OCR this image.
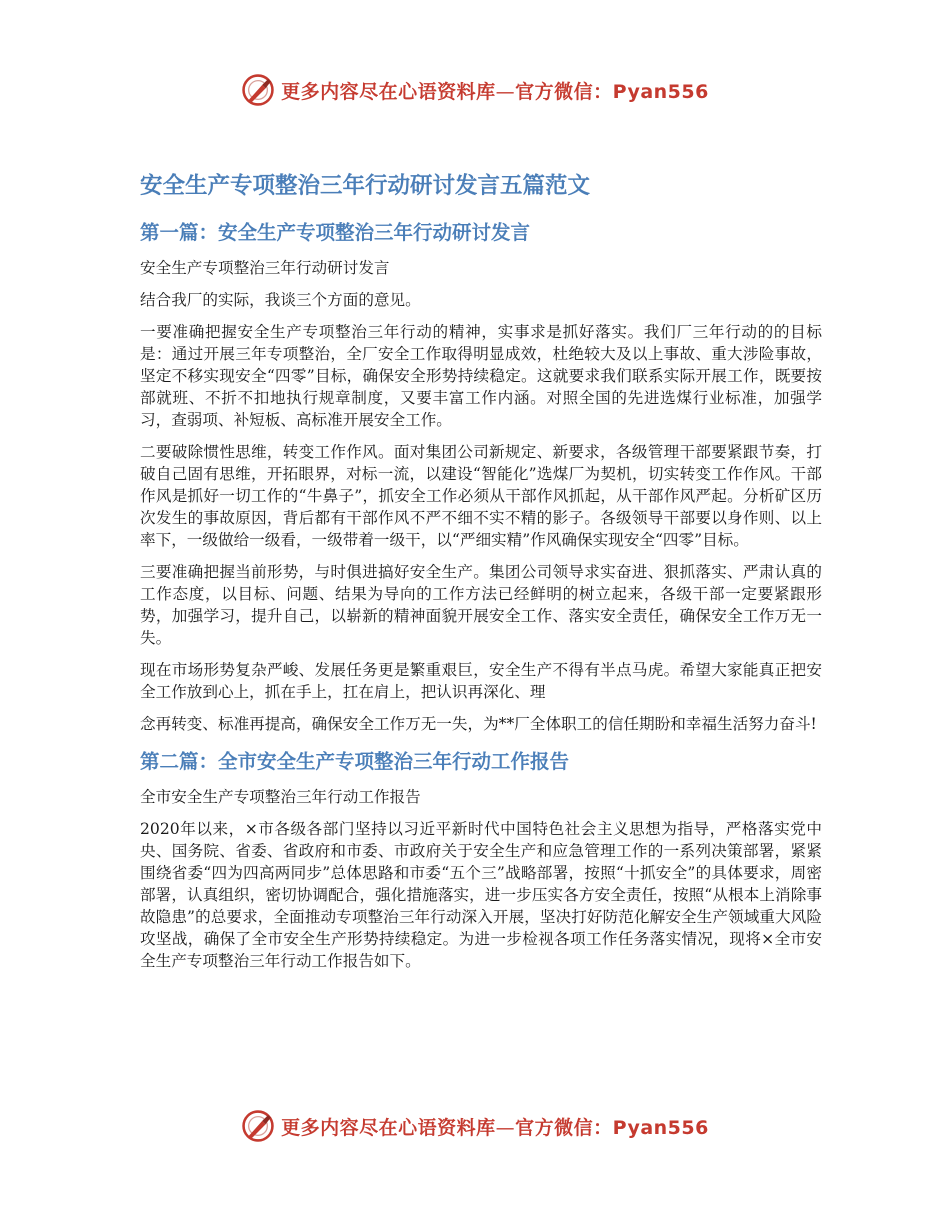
更多内容尽在心语资料库—官方微信：Pyan556
安全生产专项整治三年行动研讨发言五篇范文
第一篇：安全生产专项整治三年行动研讨发言

安全生产专项整治三年行动研讨发言

结合我厂的实际，我谈三个方面的意见。

一要准确把握安全生产专项整治三年行动的精神，实事求是抓好落实。我们厂三年行动的的目标是：通过开展三年专项整治，全厂安全工作取得明显成效，杜绝较大及以上事故、重大涉险事故，坚定不移实现安全“四零”目标，确保安全形势持续稳定。这就要求我们联系实际开展工作，既要按部就班、不折不扣地执行规章制度，又要丰富工作内涵。对照全国的先进选煤行业标准，加强学习，查弱项、补短板、高标准开展安全工作。

二要破除惯性思维，转变工作作风。面对集团公司新规定、新要求，各级管理干部要紧跟节奏，打破自己固有思维，开拓眼界，对标一流，以建设“智能化”选煤厂为契机，切实转变工作作风。干部作风是抓好一切工作的“牛鼻子”，抓安全工作必须从干部作风抓起，从干部作风严起。分析矿区历次发生的事故原因，背后都有干部作风不严不细不实不精的影子。各级领导干部要以身作则、以上率下，一级做给一级看，一级带着一级干，以“严细实精”作风确保实现安全“四零”目标。

三要准确把握当前形势，与时俱进搞好安全生产。集团公司领导求实奋进、狠抓落实、严肃认真的工作态度，以目标、问题、结果为导向的工作方法已经鲜明的树立起来，各级干部一定要紧跟形势，加强学习，提升自己，以崭新的精神面貌开展安全工作、落实安全责任，确保安全工作万无一失。

现在市场形势复杂严峻、发展任务更是繁重艰巨，安全生产不得有半点马虎。希望大家能真正把安全工作放到心上，抓在手上，扛在肩上，把认识再深化、理

念再转变、标准再提高，确保安全工作万无一失，为**厂全体职工的信任期盼和幸福生活努力奋斗!

第二篇：全市安全生产专项整治三年行动工作报告

全市安全生产专项整治三年行动工作报告

2020年以来，×市各级各部门坚持以习近平新时代中国特色社会主义思想为指导，严格落实党中央、国务院、省委、省政府和市委、市政府关于安全生产和应急管理工作的一系列决策部署，紧紧围绕省委“四为四高两同步”总体思路和市委“五个三”战略部署，按照“十抓安全”的具体要求，周密部署，认真组织，密切协调配合，强化措施落实，进一步压实各方安全责任，按照“从根本上消除事故隐患”的总要求，全面推动专项整治三年行动深入开展，坚决打好防范化解安全生产领域重大风险攻坚战，确保了全市安全生产形势持续稳定。为进一步检视各项工作任务落实情况，现将×全市安全生产专项整治三年行动工作报告如下。

更多内容尽在心语资料库—官方微信：Pyan556
